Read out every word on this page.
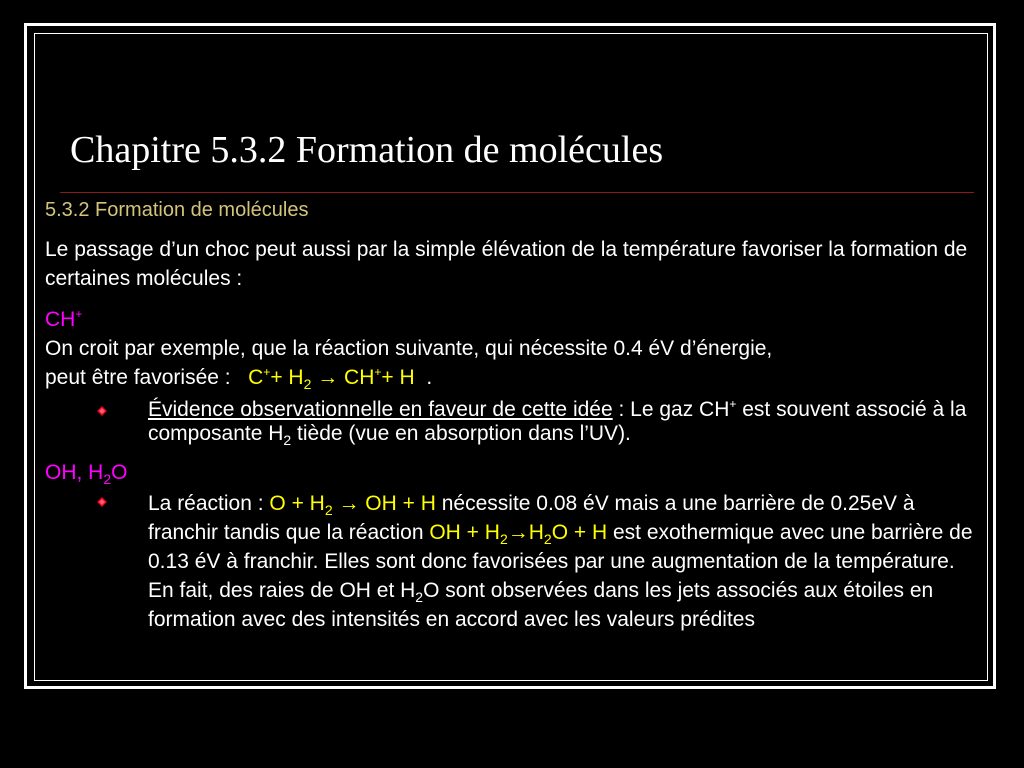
Chapitre 5.3.2 Formation de molécules

5.3.2 Formation de molécules

Le passage d’un choc peut aussi par la simple élévation de la température favoriser la formation de certaines molécules :

CH+

On croit par exemple, que la réaction suivante, qui nécessite 0.4 éV d’énergie,
peut être favorisée : $C^++ H_2 \to CH^++ H$ .

Évidence observationnelle en faveur de cette idée : Le gaz CH+ est souvent associé à la composante $H_2$ tiède (vue en absorption dans l’UV).

OH, $H_2O$

La réaction : $O + H_2$ → OH + H nécessite 0.08 éV mais a une barrière de 0.25eV à franchir tandis que la réaction OH + $H_2\to H_2O + H$ est exothermique avec une barrière de 0.13 éV à franchir. Elles sont donc favorisées par une augmentation de la température. En fait, des raies de OH et $H_2O$ sont observées dans les jets associés aux étoiles en formation avec des intensités en accord avec les valeurs prédites
